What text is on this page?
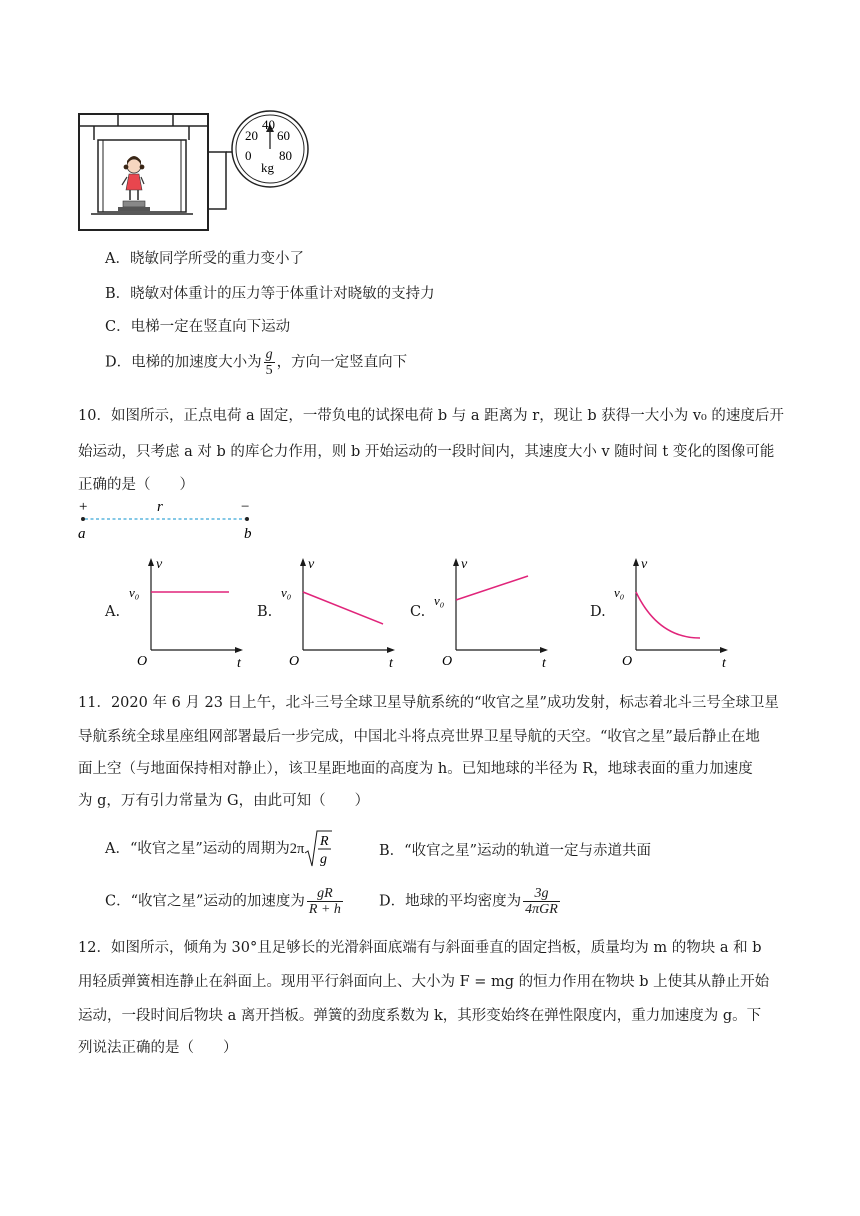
0
20
40
60
80
kg
A．晓敏同学所受的重力变小了
B．晓敏对体重计的压力等于体重计对晓敏的支持力
C．电梯一定在竖直向下运动
D．电梯的加速度大小为 $\frac{g}{5}$ ，方向一定竖直向下
10．如图所示，正点电荷 a 固定，一带负电的试探电荷 b 与 a 距离为 r，现让 b 获得一大小为 v₀ 的速度后开
始运动，只考虑 a 对 b 的库仑力作用，则 b 开始运动的一段时间内，其速度大小 v 随时间 t 变化的图像可能
正确的是（　　）
+	r	−
a	b
A.
v
t
O
v₀
B.
v
t
O
v₀
C.
v
t
O
v₀
D.
v
t
O
v₀
11．2020 年 6 月 23 日上午，北斗三号全球卫星导航系统的“收官之星”成功发射，标志着北斗三号全球卫星
导航系统全球星座组网部署最后一步完成，中国北斗将点亮世界卫星导航的天空。“收官之星”最后静止在地
面上空（与地面保持相对静止），该卫星距地面的高度为 h。已知地球的半径为 R，地球表面的重力加速度
为 g，万有引力常量为 G，由此可知（　　）
A．“收官之星”运动的周期为2π R
g
B．“收官之星”运动的轨道一定与赤道共面
C．“收官之星”运动的加速度为 $\frac{gR}{R + h}$ D．地球的平均密度为 $\frac{3g}{\text{4πGR}}$
12．如图所示，倾角为 30°且足够长的光滑斜面底端有与斜面垂直的固定挡板，质量均为 m 的物块 a 和 b
用轻质弹簧相连静止在斜面上。现用平行斜面向上、大小为 F = mg 的恒力作用在物块 b 上使其从静止开始
运动，一段时间后物块 a 离开挡板。弹簧的劲度系数为 k，其形变始终在弹性限度内，重力加速度为 g。下
列说法正确的是（　　）
